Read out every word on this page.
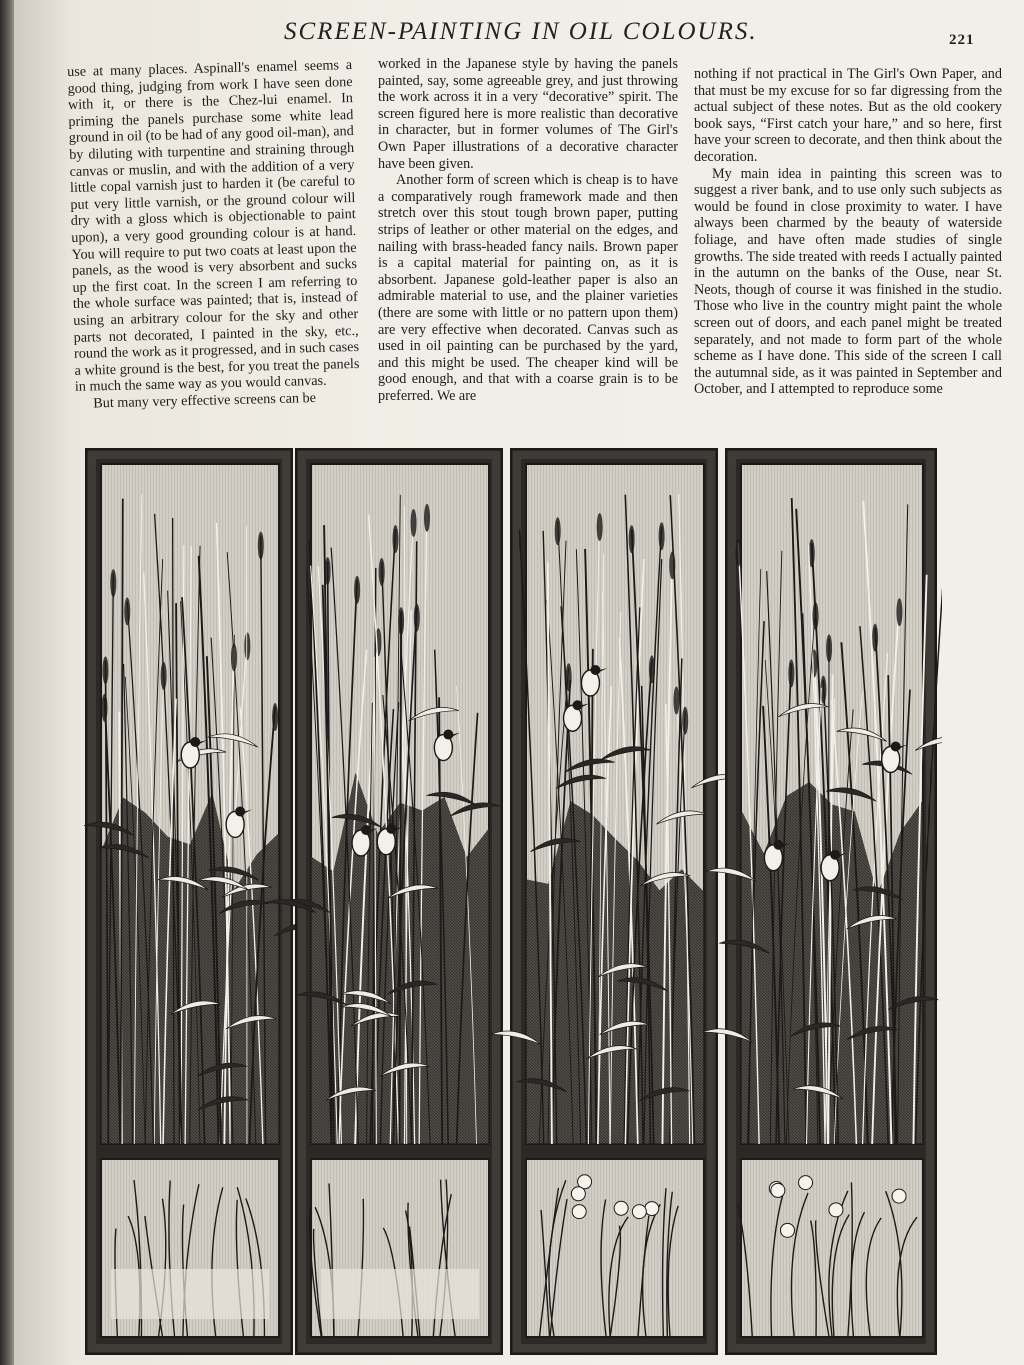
SCREEN-PAINTING IN OIL COLOURS.	221

use at many places. Aspinall's enamel seems a good thing, judging from work I have seen done with it, or there is the Chez-lui enamel. In priming the panels purchase some white lead ground in oil (to be had of any good oil-man), and by diluting with turpentine and straining through canvas or muslin, and with the addition of a very little copal varnish just to harden it (be careful to put very little varnish, or the ground colour will dry with a gloss which is objectionable to paint upon), a very good grounding colour is at hand. You will require to put two coats at least upon the panels, as the wood is very absorbent and sucks up the first coat. In the screen I am referring to the whole surface was painted; that is, instead of using an arbitrary colour for the sky and other parts not decorated, I painted in the sky, etc., round the work as it progressed, and in such cases a white ground is the best, for you treat the panels in much the same way as you would canvas.

But many very effective screens can be

worked in the Japanese style by having the panels painted, say, some agreeable grey, and just throwing the work across it in a very “decorative” spirit. The screen figured here is more realistic than decorative in character, but in former volumes of The Girl's Own Paper illustrations of a decorative character have been given.

Another form of screen which is cheap is to have a comparatively rough framework made and then stretch over this stout tough brown paper, putting strips of leather or other material on the edges, and nailing with brass-headed fancy nails. Brown paper is a capital material for painting on, as it is absorbent. Japanese gold-leather paper is also an admirable material to use, and the plainer varieties (there are some with little or no pattern upon them) are very effective when decorated. Canvas such as used in oil painting can be purchased by the yard, and this might be used. The cheaper kind will be good enough, and that with a coarse grain is to be preferred. We are

nothing if not practical in The Girl's Own Paper, and that must be my excuse for so far digressing from the actual subject of these notes. But as the old cookery book says, “First catch your hare,” and so here, first have your screen to decorate, and then think about the decoration.

My main idea in painting this screen was to suggest a river bank, and to use only such subjects as would be found in close proximity to water. I have always been charmed by the beauty of waterside foliage, and have often made studies of single growths. The side treated with reeds I actually painted in the autumn on the banks of the Ouse, near St. Neots, though of course it was finished in the studio. Those who live in the country might paint the whole screen out of doors, and each panel might be treated separately, and not made to form part of the whole scheme as I have done. This side of the screen I call the autumnal side, as it was painted in September and October, and I attempted to reproduce some
